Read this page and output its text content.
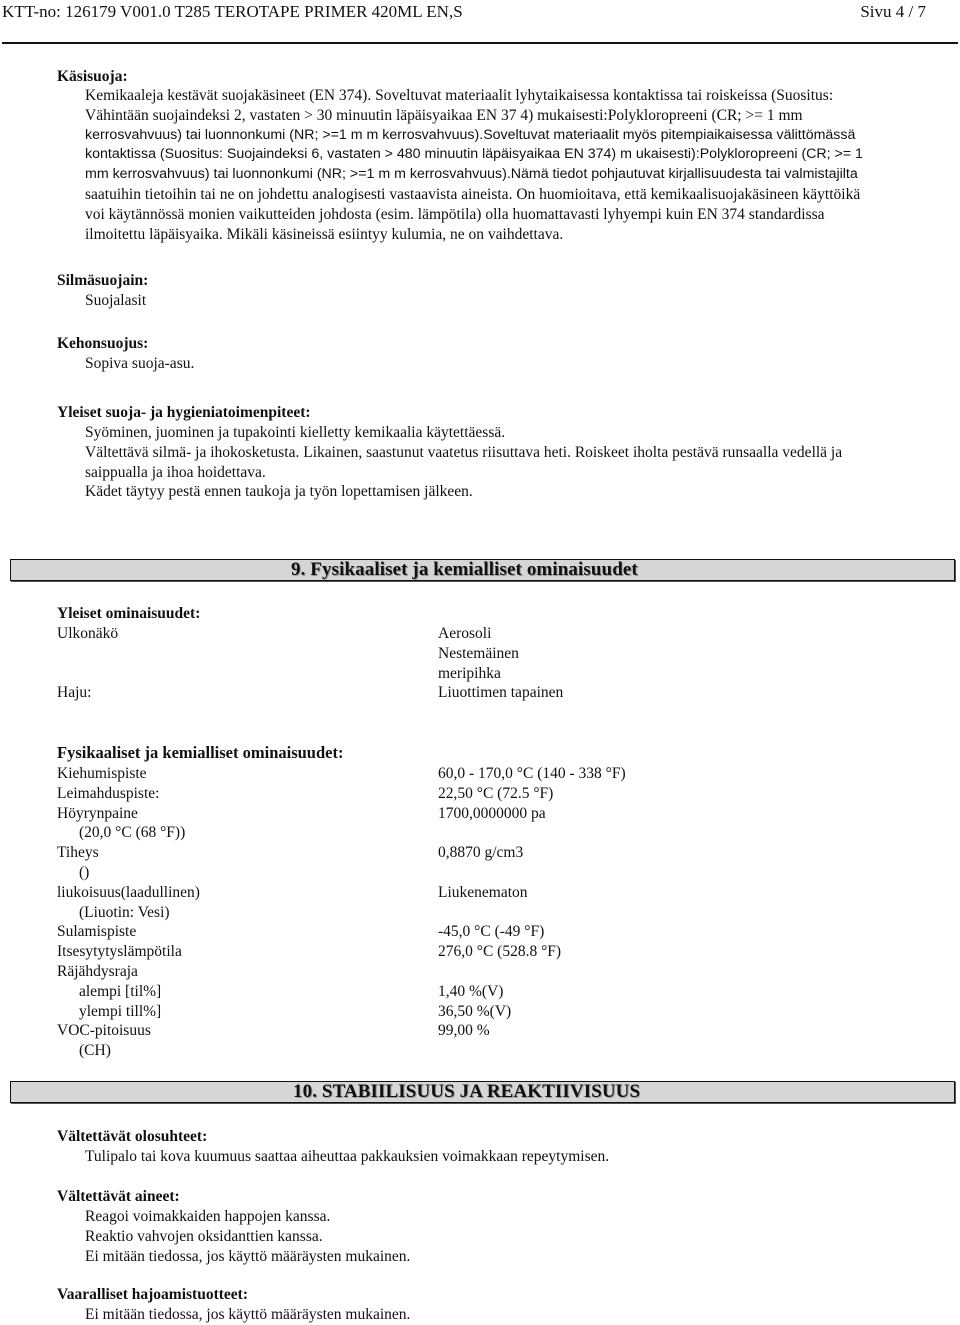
KTT-no: 126179 V001.0 T285 TEROTAPE PRIMER 420ML EN,S	Sivu 4 / 7
Käsisuoja:
Kemikaaleja kestävät suojakäsineet (EN 374). Soveltuvat materiaalit lyhytaikaisessa kontaktissa tai roiskeissa (Suositus:
Vähintään suojaindeksi 2, vastaten > 30 minuutin läpäisyaikaa EN 37 4) mukaisesti:Polykloropreeni (CR; >= 1 mm
kerrosvahvuus) tai luonnonkumi (NR; >=1 m m kerrosvahvuus).Soveltuvat materiaalit myös pitempiaikaisessa välittömässä
kontaktissa (Suositus: Suojaindeksi 6, vastaten > 480 minuutin läpäisyaikaa EN 374) m ukaisesti):Polykloropreeni (CR; >= 1
mm kerrosvahvuus) tai luonnonkumi (NR; >=1 m m kerrosvahvuus).Nämä tiedot pohjautuvat kirjallisuudesta tai valmistajilta
saatuihin tietoihin tai ne on johdettu analogisesti vastaavista aineista. On huomioitava, että kemikaalisuojakäsineen käyttöikä
voi käytännössä monien vaikutteiden johdosta (esim. lämpötila) olla huomattavasti lyhyempi kuin EN 374 standardissa
ilmoitettu läpäisyaika. Mikäli käsineissä esiintyy kulumia, ne on vaihdettava.
Silmäsuojain:
Suojalasit
Kehonsuojus:
Sopiva suoja-asu.
Yleiset suoja- ja hygieniatoimenpiteet:
Syöminen, juominen ja tupakointi kielletty kemikaalia käytettäessä.
Vältettävä silmä- ja ihokosketusta. Likainen, saastunut vaatetus riisuttava heti. Roiskeet iholta pestävä runsaalla vedellä ja
saippualla ja ihoa hoidettava.
Kädet täytyy pestä ennen taukoja ja työn lopettamisen jälkeen.
9. Fysikaaliset ja kemialliset ominaisuudet
Yleiset ominaisuudet:
Ulkonäkö	Aerosoli
Nestemäinen
meripihka
Haju:	Liuottimen tapainen
Fysikaaliset ja kemialliset ominaisuudet:
Kiehumispiste	60,0 - 170,0 °C (140 - 338 °F)
Leimahduspiste:	22,50 °C (72.5 °F)
Höyrynpaine	1700,0000000 pa
(20,0 °C (68 °F))
Tiheys	0,8870 g/cm3
()
liukoisuus(laadullinen)	Liukenematon
(Liuotin: Vesi)
Sulamispiste	-45,0 °C (-49 °F)
Itsesytytyslämpötila	276,0 °C (528.8 °F)
Räjähdysraja
alempi [til%]	1,40 %(V)
ylempi till%]	36,50 %(V)
VOC-pitoisuus	99,00 %
(CH)
10. STABIILISUUS JA REAKTIIVISUUS
Vältettävät olosuhteet:
Tulipalo tai kova kuumuus saattaa aiheuttaa pakkauksien voimakkaan repeytymisen.
Vältettävät aineet:
Reagoi voimakkaiden happojen kanssa.
Reaktio vahvojen oksidanttien kanssa.
Ei mitään tiedossa, jos käyttö määräysten mukainen.
Vaaralliset hajoamistuotteet:
Ei mitään tiedossa, jos käyttö määräysten mukainen.
